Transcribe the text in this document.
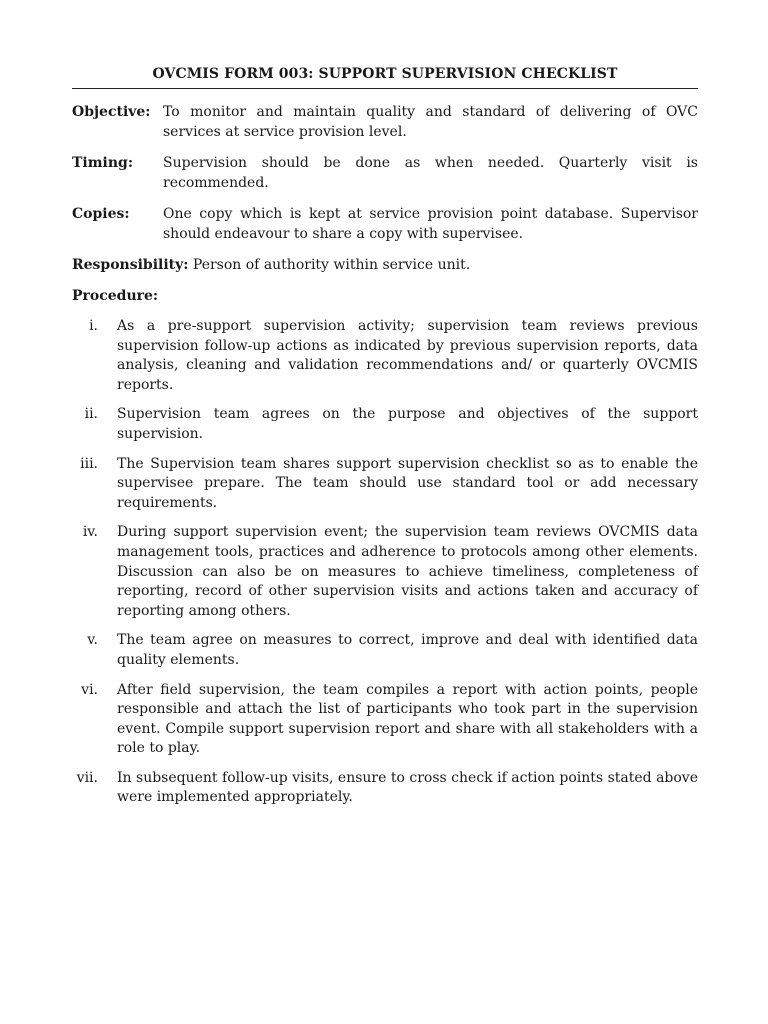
OVCMIS FORM 003: SUPPORT SUPERVISION CHECKLIST
Objective: To monitor and maintain quality and standard of delivering of OVC services at service provision level.
Timing:	Supervision should be done as when needed. Quarterly visit is recommended.
Copies:	One copy which is kept at service provision point database. Supervisor should endeavour to share a copy with supervisee.
Responsibility: Person of authority within service unit.
Procedure:
i.	As a pre-support supervision activity; supervision team reviews previous supervision follow-up actions as indicated by previous supervision reports, data analysis, cleaning and validation recommendations and/ or quarterly OVCMIS reports.
ii.	Supervision team agrees on the purpose and objectives of the support supervision.
iii.	The Supervision team shares support supervision checklist so as to enable the supervisee prepare. The team should use standard tool or add necessary requirements.
iv.	During support supervision event; the supervision team reviews OVCMIS data management tools, practices and adherence to protocols among other elements. Discussion can also be on measures to achieve timeliness, completeness of reporting, record of other supervision visits and actions taken and accuracy of reporting among others.
v.	The team agree on measures to correct, improve and deal with identified data quality elements.
vi.	After field supervision, the team compiles a report with action points, people responsible and attach the list of participants who took part in the supervision event. Compile support supervision report and share with all stakeholders with a role to play.
vii.	In subsequent follow-up visits, ensure to cross check if action points stated above were implemented appropriately.
